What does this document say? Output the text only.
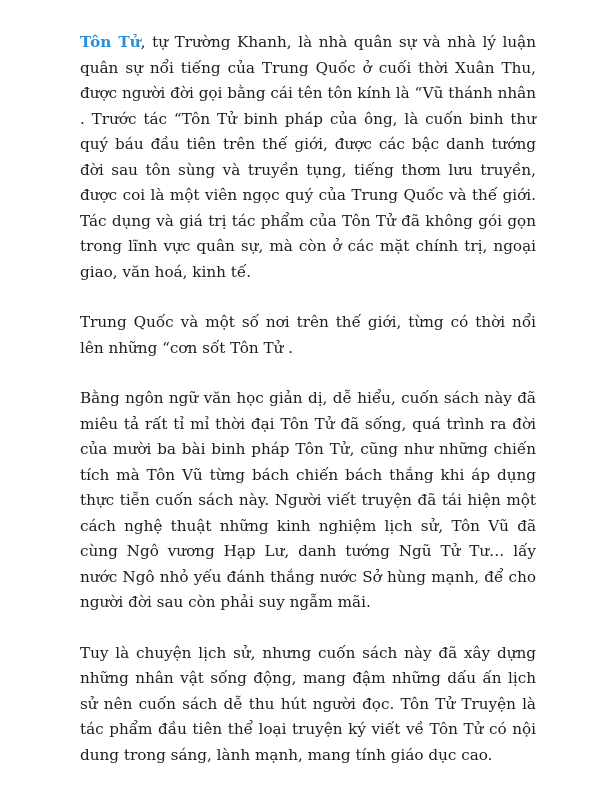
Tôn Tử, tự Trường Khanh, là nhà quân sự và nhà lý luận quân sự nổi tiếng của Trung Quốc ở cuối thời Xuân Thu, được người đời gọi bằng cái tên tôn kính là “Vũ thánh nhân . Trước tác “Tôn Tử binh pháp của ông, là cuốn binh thư quý báu đầu tiên trên thế giới, được các bậc danh tướng đời sau tôn sùng và truyền tụng, tiếng thơm lưu truyền, được coi là một viên ngọc quý của Trung Quốc và thế giới. Tác dụng và giá trị tác phẩm của Tôn Tử đã không gói gọn trong lĩnh vực quân sự, mà còn ở các mặt chính trị, ngoại giao, văn hoá, kinh tế.

Trung Quốc và một số nơi trên thế giới, từng có thời nổi lên những “cơn sốt Tôn Tử .

Bằng ngôn ngữ văn học giản dị, dễ hiểu, cuốn sách này đã miêu tả rất tỉ mỉ thời đại Tôn Tử đã sống, quá trình ra đời của mười ba bài binh pháp Tôn Tử, cũng như những chiến tích mà Tôn Vũ từng bách chiến bách thắng khi áp dụng thực tiễn cuốn sách này. Người viết truyện đã tái hiện một cách nghệ thuật những kinh nghiệm lịch sử, Tôn Vũ đã cùng Ngô vương Hạp Lư, danh tướng Ngũ Tử Tư… lấy nước Ngô nhỏ yếu đánh thắng nước Sở hùng mạnh, để cho người đời sau còn phải suy ngẫm mãi.

Tuy là chuyện lịch sử, nhưng cuốn sách này đã xây dựng những nhân vật sống động, mang đậm những dấu ấn lịch sử nên cuốn sách dễ thu hút người đọc. Tôn Tử Truyện là tác phẩm đầu tiên thể loại truyện ký viết về Tôn Tử có nội dung trong sáng, lành mạnh, mang tính giáo dục cao.
